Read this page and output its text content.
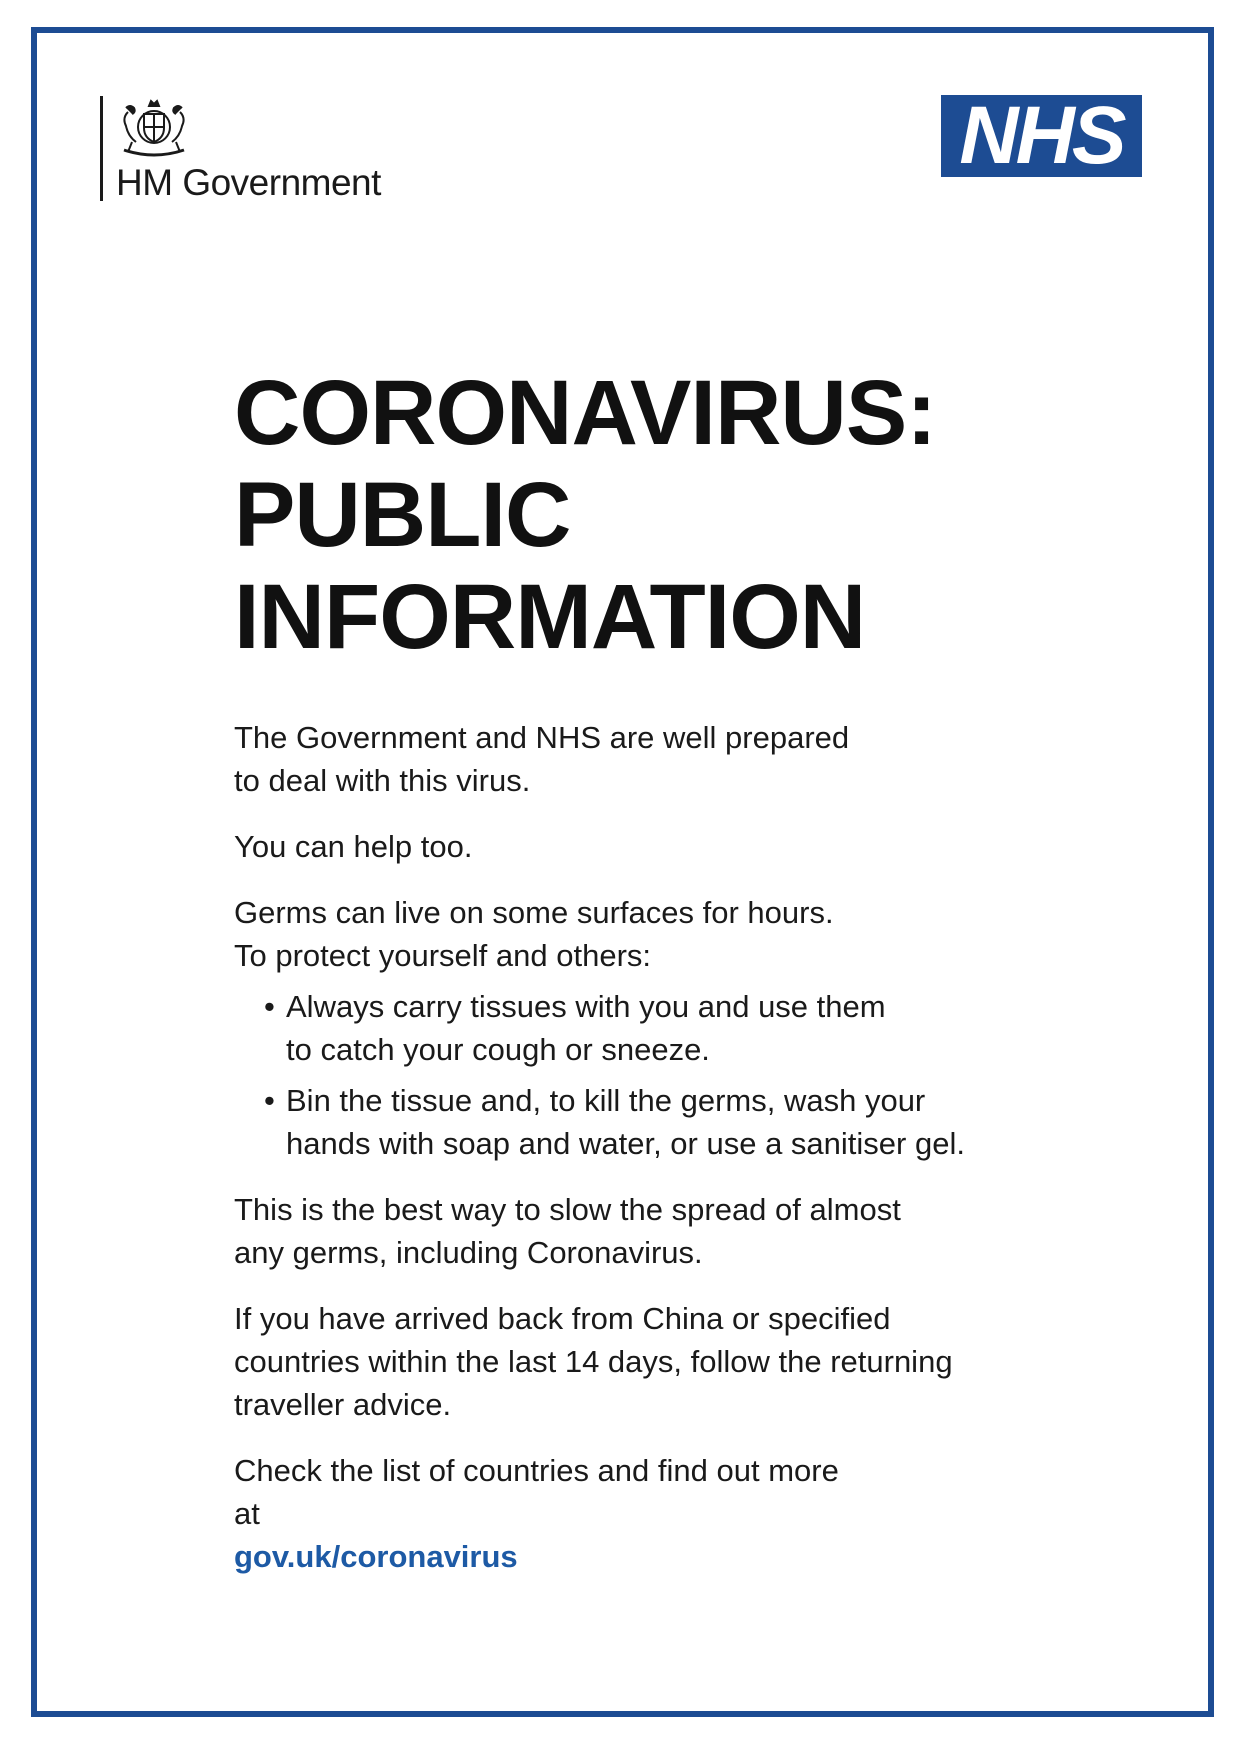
HM Government
NHS
CORONAVIRUS:
PUBLIC
INFORMATION

The Government and NHS are well prepared
to deal with this virus.

You can help too.

Germs can live on some surfaces for hours.
To protect yourself and others:

• Always carry tissues with you and use them
to catch your cough or sneeze.
• Bin the tissue and, to kill the germs, wash your
hands with soap and water, or use a sanitiser gel.

This is the best way to slow the spread of almost
any germs, including Coronavirus.

If you have arrived back from China or specified
countries within the last 14 days, follow the returning
traveller advice.

Check the list of countries and find out more
at
gov.uk/coronavirus
